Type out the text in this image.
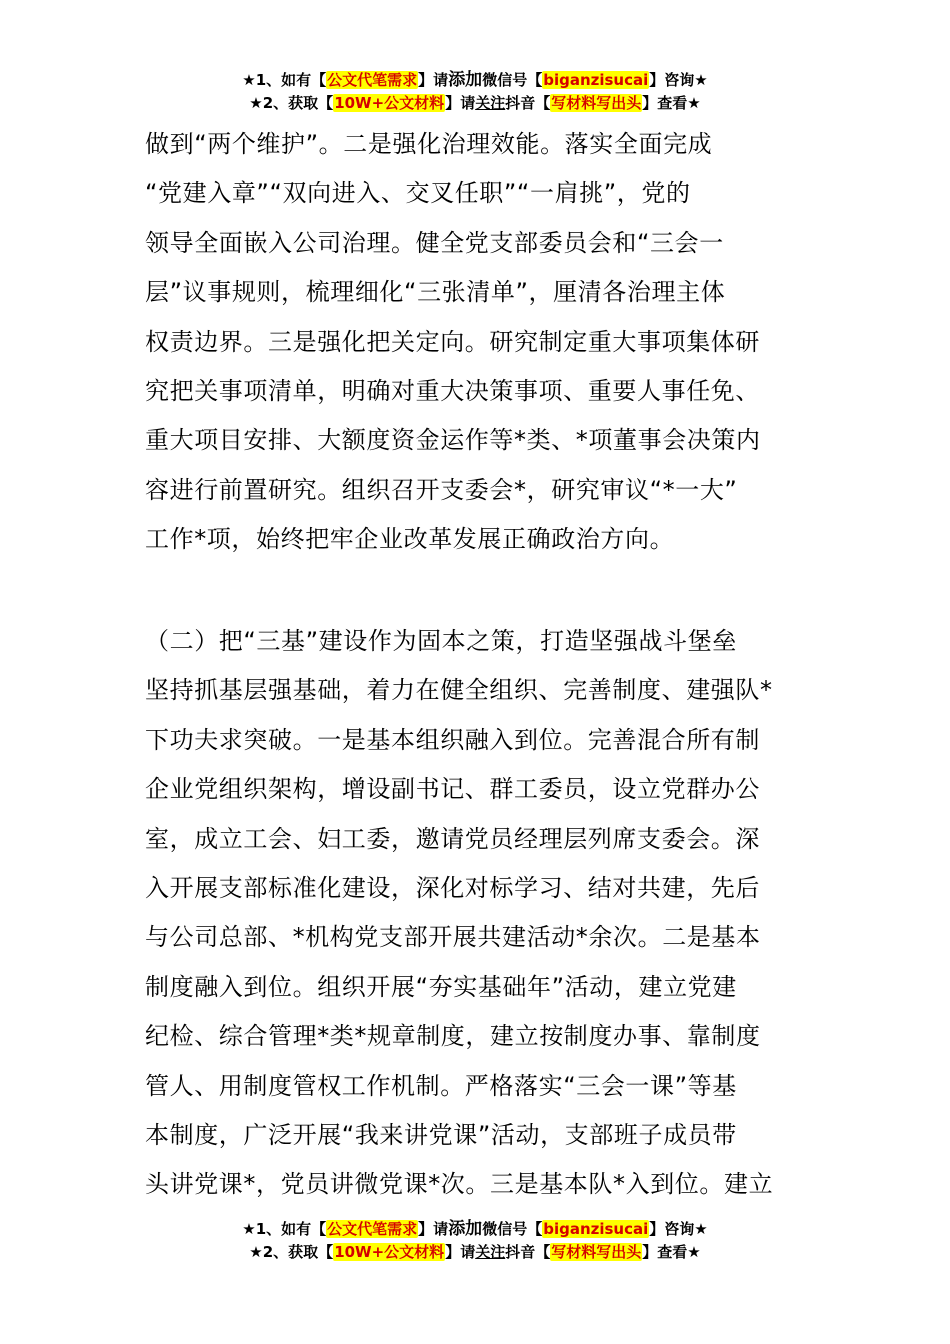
★1、如有【公文代笔需求】请添加微信号【biganzisucai】咨询★
★2、获取【10W+公文材料】请关注抖音【写材料写出头】查看★
做到“两个维护”。二是强化治理效能。落实全面完成
“党建入章”“双向进入、交叉任职”“一肩挑”，党的
领导全面嵌入公司治理。健全党支部委员会和“三会一
层”议事规则，梳理细化“三张清单”，厘清各治理主体
权责边界。三是强化把关定向。研究制定重大事项集体研
究把关事项清单，明确对重大决策事项、重要人事任免、
重大项目安排、大额度资金运作等*类、*项董事会决策内
容进行前置研究。组织召开支委会*，研究审议“*一大”
工作*项，始终把牢企业改革发展正确政治方向。
（二）把“三基”建设作为固本之策，打造坚强战斗堡垒
坚持抓基层强基础，着力在健全组织、完善制度、建强队*
下功夫求突破。一是基本组织融入到位。完善混合所有制
企业党组织架构，增设副书记、群工委员，设立党群办公
室，成立工会、妇工委，邀请党员经理层列席支委会。深
入开展支部标准化建设，深化对标学习、结对共建，先后
与公司总部、*机构党支部开展共建活动*余次。二是基本
制度融入到位。组织开展“夯实基础年”活动，建立党建
纪检、综合管理*类*规章制度，建立按制度办事、靠制度
管人、用制度管权工作机制。严格落实“三会一课”等基
本制度，广泛开展“我来讲党课”活动，支部班子成员带
头讲党课*，党员讲微党课*次。三是基本队*入到位。建立
★1、如有【公文代笔需求】请添加微信号【biganzisucai】咨询★
★2、获取【10W+公文材料】请关注抖音【写材料写出头】查看★
